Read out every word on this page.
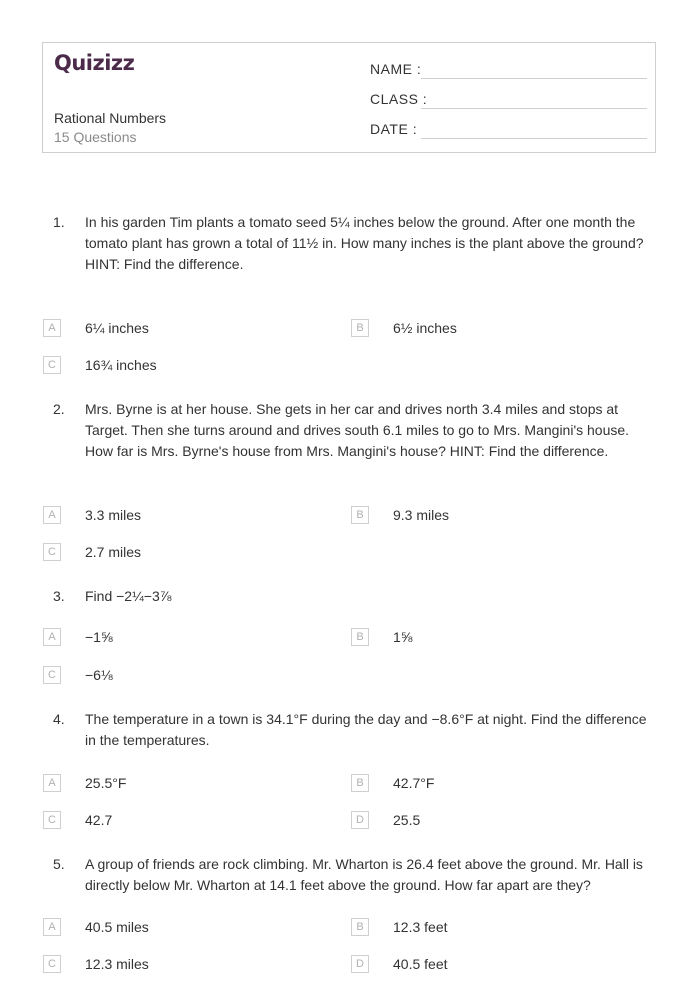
Quizizz
Rational Numbers
15 Questions
NAME :
CLASS :
DATE :
1. In his garden Tim plants a tomato seed 5¼ inches below the ground. After one month the tomato plant has grown a total of 11½ in. How many inches is the plant above the ground?
HINT: Find the difference.
A	6¼ inches	B	6½ inches
C	16¾ inches
2. Mrs. Byrne is at her house. She gets in her car and drives north 3.4 miles and stops at Target. Then she turns around and drives south 6.1 miles to go to Mrs. Mangini's house. How far is Mrs. Byrne's house from Mrs. Mangini's house? HINT: Find the difference.
A	3.3 miles	B	9.3 miles
C	2.7 miles
3. Find −2¼−3⅞
A	−1⅝	B	1⅝
C	−6⅛
4. The temperature in a town is 34.1°F during the day and −8.6°F at night. Find the difference in the temperatures.
A	25.5°F	B	42.7°F
C	42.7	D	25.5
5. A group of friends are rock climbing. Mr. Wharton is 26.4 feet above the ground. Mr. Hall is directly below Mr. Wharton at 14.1 feet above the ground. How far apart are they?
A	40.5 miles	B	12.3 feet
C	12.3 miles	D	40.5 feet
